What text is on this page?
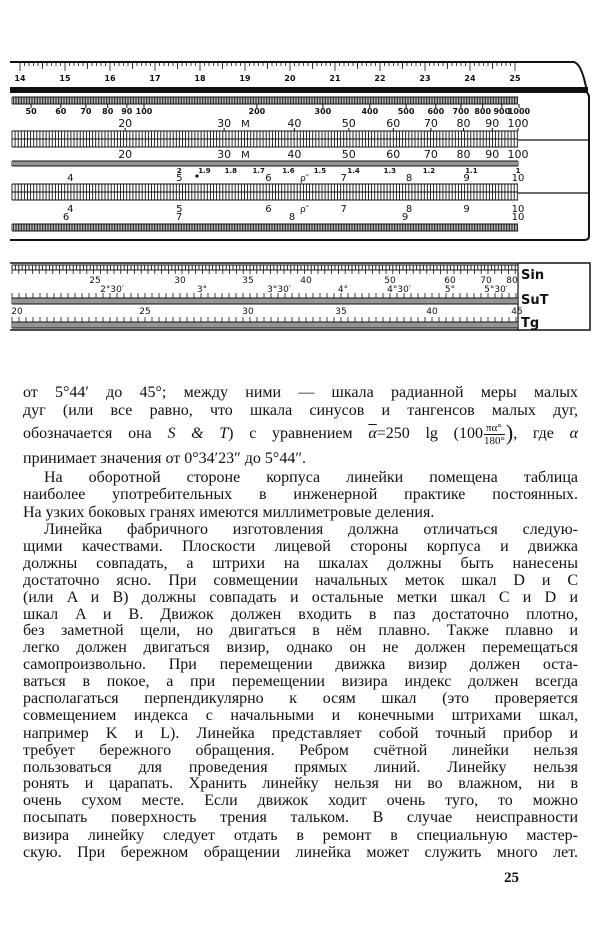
14	15	16	17	18	19	20	21	22	23	24	25
50 60 70 80 90 100	200	300	400 500 600 700 800 900
1000
20	30	40	50	60 70 80 90 100
20	30	40	50	60 70 80 90 100
M
M
2 1.9 1.8 1.7 1.6	1.5	1.4	1.3	1.2	1.1	1
4	5	6	7	8	9	10
ρ″
4	5	6	7	8	9	10
ρ″
6	7	8	9	10
Sin
SuT
Tg
25	30	35	40	50	60	70 80
2°30′	3°	3°30′	4°	4°30′	5°	5°30′
20	25	30	35	40	45
от 5°44′ до 45°; между ними — шкала радианной меры малых
дуг (или все равно, что шкала синусов и тангенсов малых дуг,
обозначается она S & T) с уравнением $\overline{\alpha}=250$ $\lg (100 \frac{\pi\alpha^\circ}{180^\circ}$ ), где α
принимает значения от 0°34′23″ до 5°44″.
На оборотной стороне корпуса линейки помещена таблица
наиболее употребительных в инженерной практике постоянных.
На узких боковых гранях имеются миллиметровые деления.
Линейка фабричного изготовления должна отличаться следую-
щими качествами. Плоскости лицевой стороны корпуса и движка
должны совпадать, а штрихи на шкалах должны быть нанесены
достаточно ясно. При совмещении начальных меток шкал D и C
(или A и B) должны совпадать и остальные метки шкал C и D и
шкал A и B. Движок должен входить в паз достаточно плотно,
без заметной щели, но двигаться в нём плавно. Также плавно и
легко должен двигаться визир, однако он не должен перемещаться
самопроизвольно. При перемещении движка визир должен оста-
ваться в покое, а при перемещении визира индекс должен всегда
располагаться перпендикулярно к осям шкал (это проверяется
совмещением индекса с начальными и конечными штрихами шкал,
например K и L). Линейка представляет собой точный прибор и
требует бережного обращения. Ребром счётной линейки нельзя
пользоваться для проведения прямых линий. Линейку нельзя
ронять и царапать. Хранить линейку нельзя ни во влажном, ни в
очень сухом месте. Если движок ходит очень туго, то можно
посыпать поверхность трения тальком. В случае неисправности
визира линейку следует отдать в ремонт в специальную мастер-
скую. При бережном обращении линейка может служить много лет.
25
